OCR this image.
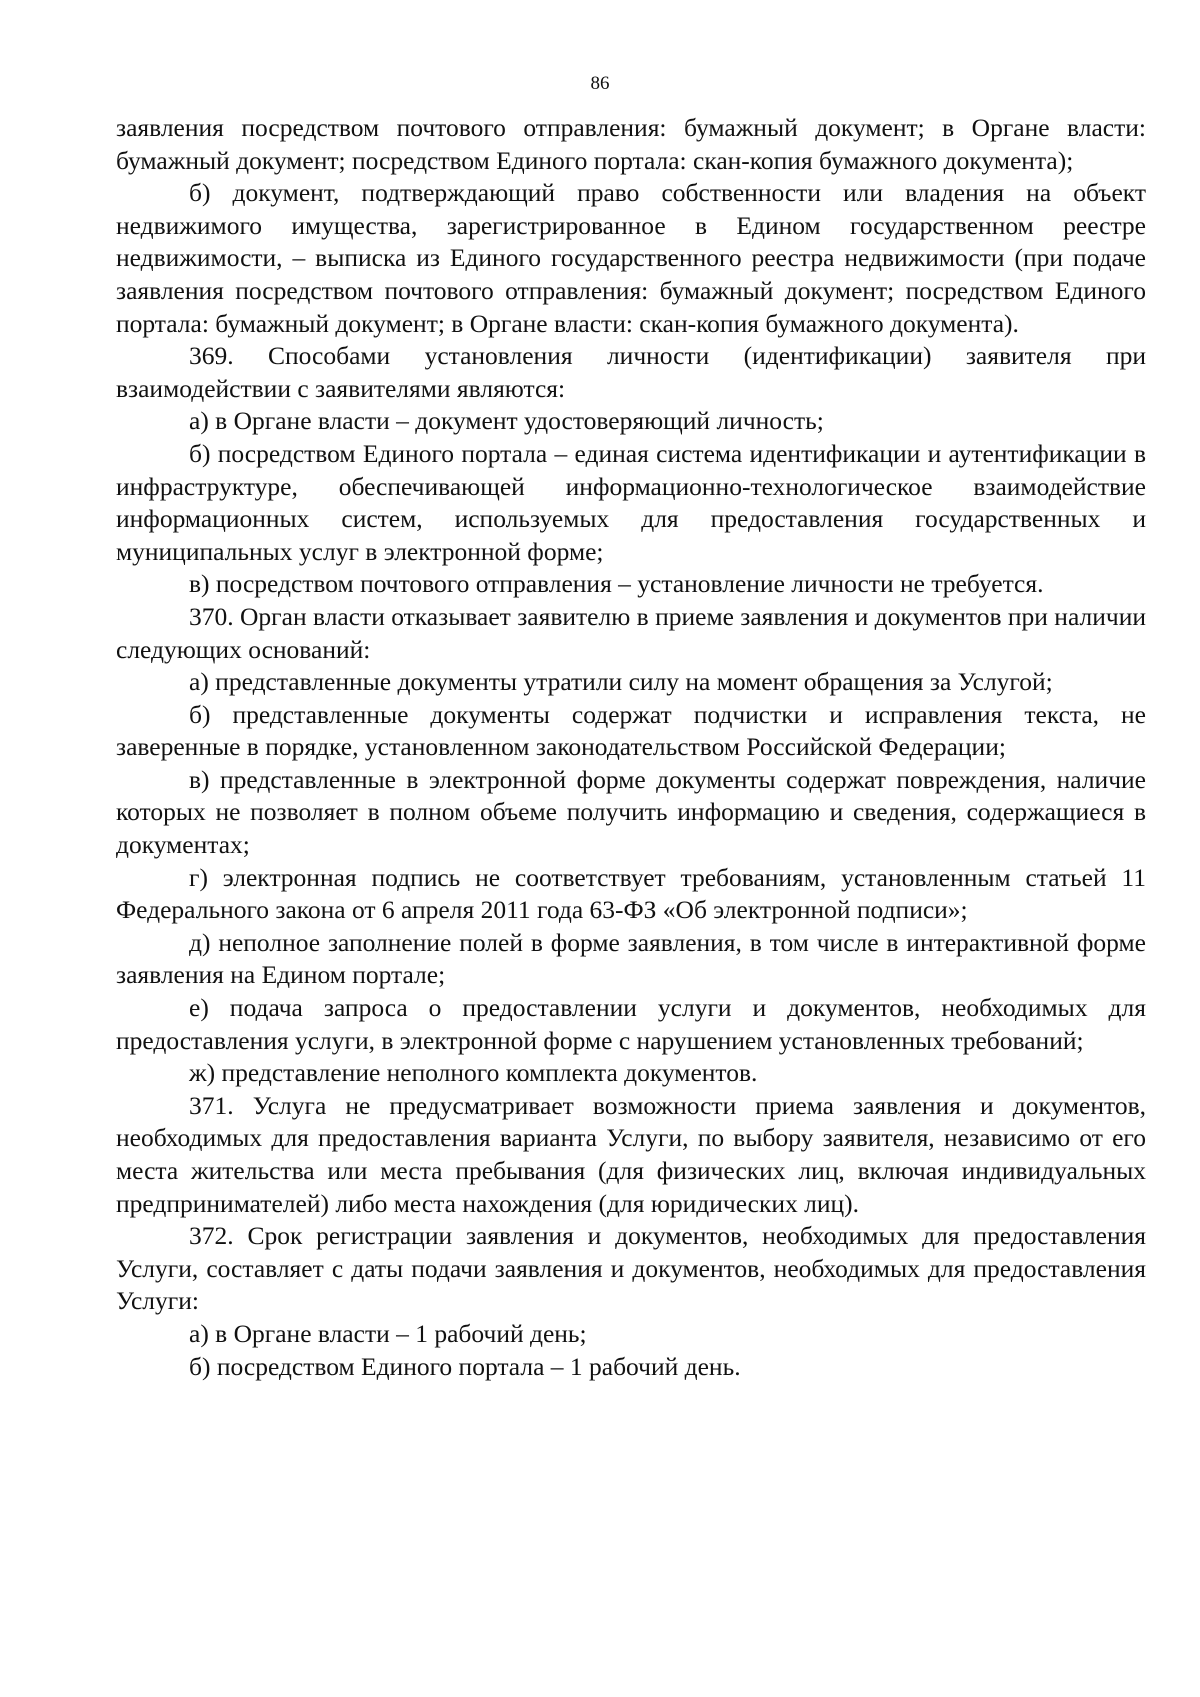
86

заявления посредством почтового отправления: бумажный документ; в Органе власти: бумажный документ; посредством Единого портала: скан-копия бумажного документа);

б) документ, подтверждающий право собственности или владения на объект недвижимого имущества, зарегистрированное в Едином государственном реестре недвижимости, – выписка из Единого государственного реестра недвижимости (при подаче заявления посредством почтового отправления: бумажный документ; посредством Единого портала: бумажный документ; в Органе власти: скан-копия бумажного документа).

369. Способами установления личности (идентификации) заявителя при взаимодействии с заявителями являются:

а) в Органе власти – документ удостоверяющий личность;

б) посредством Единого портала – единая система идентификации и аутентификации в инфраструктуре, обеспечивающей информационно-технологическое взаимодействие информационных систем, используемых для предоставления государственных и муниципальных услуг в электронной форме;

в) посредством почтового отправления – установление личности не требуется.

370. Орган власти отказывает заявителю в приеме заявления и документов при наличии следующих оснований:

а) представленные документы утратили силу на момент обращения за Услугой;

б) представленные документы содержат подчистки и исправления текста, не заверенные в порядке, установленном законодательством Российской Федерации;

в) представленные в электронной форме документы содержат повреждения, наличие которых не позволяет в полном объеме получить информацию и сведения, содержащиеся в документах;

г) электронная подпись не соответствует требованиям, установленным статьей 11 Федерального закона от 6 апреля 2011 года 63-ФЗ «Об электронной подписи»;

д) неполное заполнение полей в форме заявления, в том числе в интерактивной форме заявления на Едином портале;

е) подача запроса о предоставлении услуги и документов, необходимых для предоставления услуги, в электронной форме с нарушением установленных требований;

ж) представление неполного комплекта документов.

371. Услуга не предусматривает возможности приема заявления и документов, необходимых для предоставления варианта Услуги, по выбору заявителя, независимо от его места жительства или места пребывания (для физических лиц, включая индивидуальных предпринимателей) либо места нахождения (для юридических лиц).

372. Срок регистрации заявления и документов, необходимых для предоставления Услуги, составляет с даты подачи заявления и документов, необходимых для предоставления Услуги:

а) в Органе власти – 1 рабочий день;

б) посредством Единого портала – 1 рабочий день.
